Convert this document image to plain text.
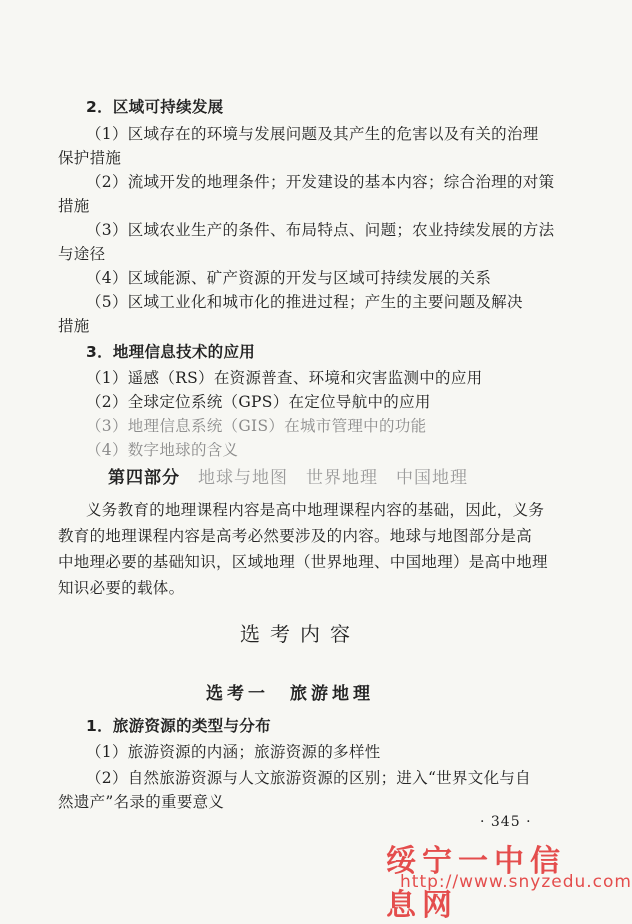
2．区域可持续发展
（1）区域存在的环境与发展问题及其产生的危害以及有关的治理
保护措施
（2）流域开发的地理条件；开发建设的基本内容；综合治理的对策
措施
（3）区域农业生产的条件、布局特点、问题；农业持续发展的方法
与途径
（4）区域能源、矿产资源的开发与区域可持续发展的关系
（5）区域工业化和城市化的推进过程；产生的主要问题及解决
措施
3．地理信息技术的应用
（1）遥感（RS）在资源普查、环境和灾害监测中的应用
（2）全球定位系统（GPS）在定位导航中的应用
（3）地理信息系统（GIS）在城市管理中的功能
（4）数字地球的含义
第四部分　 地球与地图　世界地理　中国地理
义务教育的地理课程内容是高中地理课程内容的基础，因此，义务
教育的地理课程内容是高考必然要涉及的内容。地球与地图部分是高
中地理必要的基础知识，区域地理（世界地理、中国地理）是高中地理
知识必要的载体。
选考内容
选考一　旅游地理
1．旅游资源的类型与分布
（1）旅游资源的内涵；旅游资源的多样性
（2）自然旅游资源与人文旅游资源的区别；进入“世界文化与自
然遗产”名录的重要意义
· 345 ·
绥宁一中信息网
http://www.snyzedu.com
